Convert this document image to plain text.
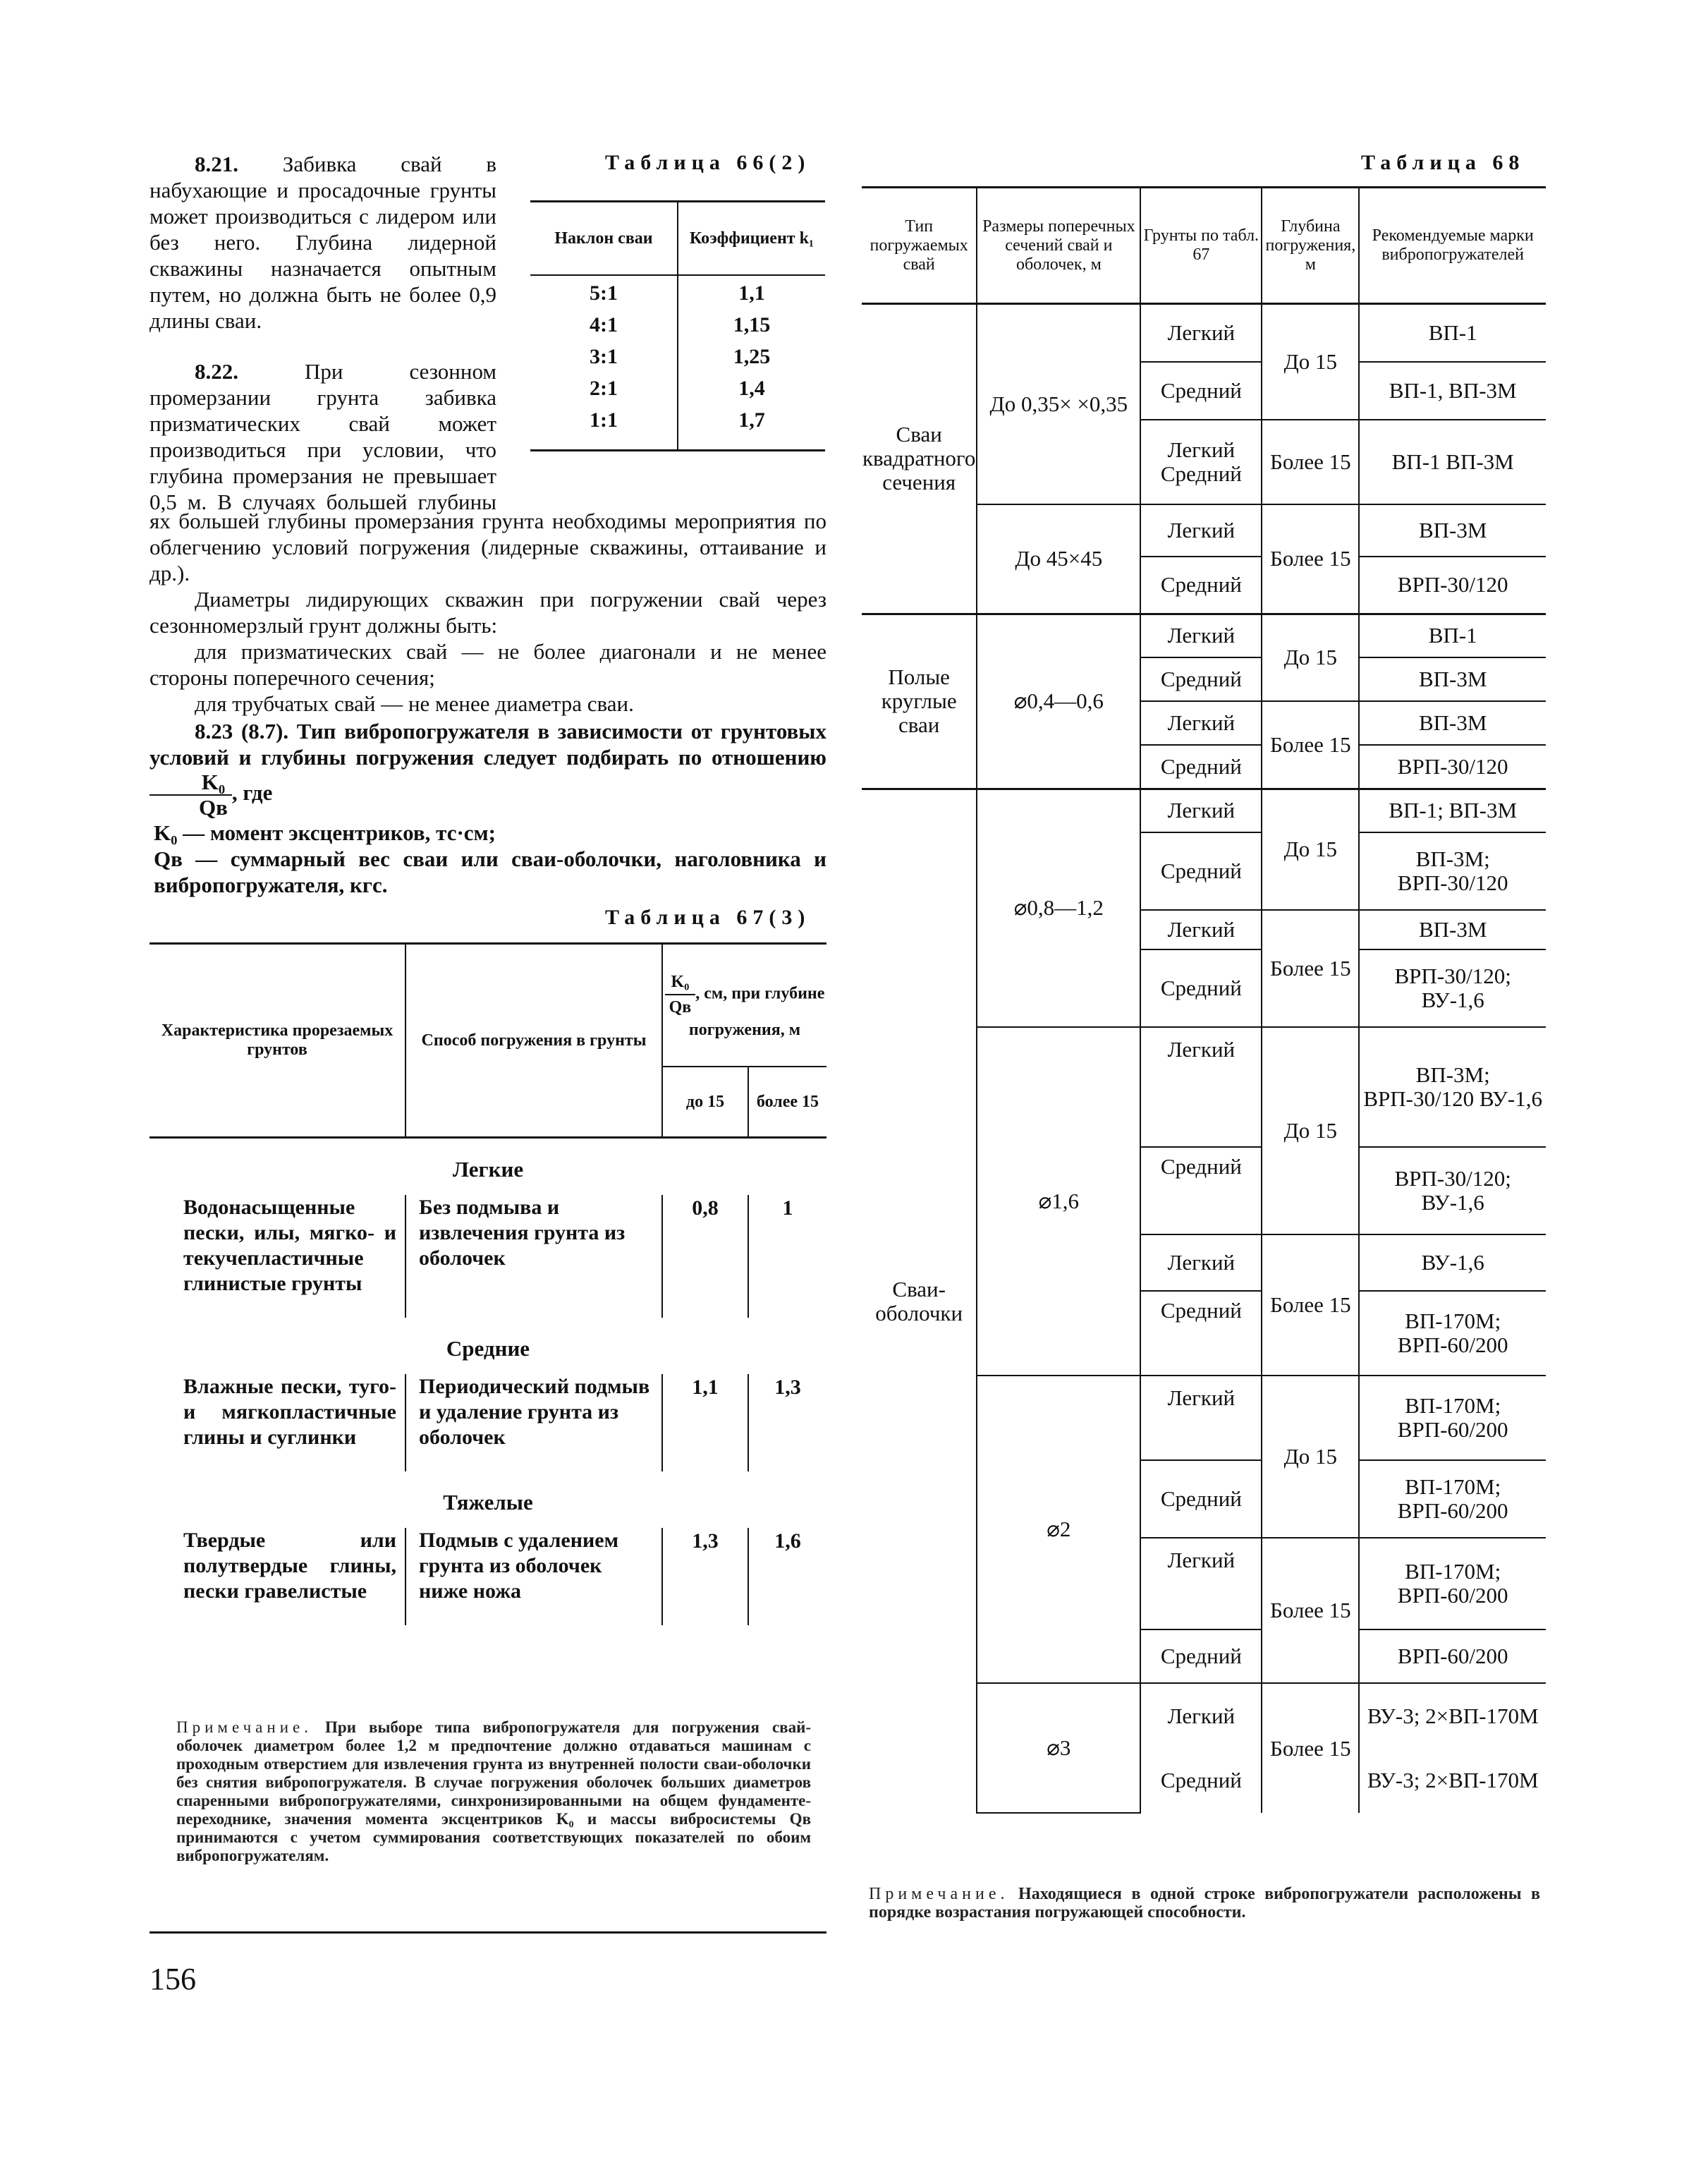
8.21. Забивка свай в набухающие и просадочные грунты может производиться с лидером или без него. Глубина лидерной скважины назначается опытным путем, но должна быть не более 0,9 длины сваи.

8.22.	При сезонном промерзании грунта забивка призматических свай может производиться при условии, что глубина промерзания не превышает 0,5 м. В случаях большей глубины

ях большей глубины промерзания грунта необходимы мероприятия по облегчению условий погружения (лидерные скважины, оттаивание и др.).

Диаметры лидирующих скважин при погружении свай через сезонномерзлый грунт должны быть:

для призматических свай — не более диагонали и не менее стороны поперечного сечения;

для трубчатых свай — не менее диаметра сваи.

8.23 (8.7). Тип вибропогружателя в зависимости от грунтовых условий и глубины погружения следует подбирать по отношению
$\frac{\text{K₀}}{Qв}$ , где

K₀ — момент эксцентриков, тс·см;

Qв — суммарный вес сваи или сваи-оболочки, наголовника и вибропогружателя, кгс.

Таблица 66(2)
Наклон сваи	Коэффициент k₁
5:1	1,1
4:1	1,15
3:1	1,25
2:1	1,4
1:1	1,7
Таблица 67(3)
Характеристика прорезаемых грунтов	Способ погружения в грунты	$\frac{\text{K₀}}{Qв}$ , см, при глубине погружения, м	
		до 15	более 15
Легкие			
Водонасыщенные пески, илы, мягко- и текучепластичные глинистые грунты	Без подмыва и извлечения грунта из оболочек	0,8	1
Средние			
Влажные пески, туго- и мягкопластичные глины и суглинки	Периодический подмыв и удаление грунта из оболочек	1,1	1,3
Тяжелые			
Твердые или полутвердые глины, пески гравелистые	Подмыв с удалением грунта из оболочек ниже ножа	1,3	1,6
Примечание. При выборе типа вибропогружателя для погружения свай-оболочек диаметром более 1,2 м предпочтение должно отдаваться машинам с проходным отверстием для извлечения грунта из внутренней полости сваи-оболочки без снятия вибропогружателя. В случае погружения оболочек больших диаметров спаренными вибропогружателями, синхронизированными на общем фундаменте-переходнике, значения момента эксцентриков K₀ и массы вибросистемы Qв принимаются с учетом суммирования соответствующих показателей по обоим вибропогружателям.
Таблица 68
Тип погружаемых свай	Размеры поперечных сечений свай и оболочек, м	Грунты по табл. 67	Глубина погружения, м	Рекомендуемые марки вибропогружателей
Сваи квадратного сечения	До 0,35× ×0,35	Легкий	До 15	ВП-1
		Средний		ВП-1, ВП-3М
		Легкий Средний	Более 15	ВП-1 ВП-3М
	До 45×45	Легкий	Более 15	ВП-3М
		Средний		ВРП-30/120

Полые круглые сваи	⌀0,4—0,6	Легкий	До 15	ВП-1
		Средний		ВП-3М
		Легкий	Более 15	ВП-3М
		Средний		ВРП-30/120
Сваи-оболочки	⌀0,8—1,2	Легкий	До 15	ВП-1; ВП-3М
		Средний		ВП-3М; ВРП-30/120
		Легкий	Более 15	ВП-3М
		Средний		ВРП-30/120; ВУ-1,6
	⌀1,6	Легкий	До 15	ВП-3М; ВРП-30/120 ВУ-1,6
		Средний		ВРП-30/120; ВУ-1,6
		Легкий	Более 15	ВУ-1,6
		Средний		ВП-170М; ВРП-60/200
	⌀2	Легкий	До 15	ВП-170М; ВРП-60/200
		Средний		ВП-170М; ВРП-60/200
		Легкий	Более 15	ВП-170М; ВРП-60/200
		Средний		ВРП-60/200
	⌀3	Легкий	Более 15	ВУ-3; 2×ВП-170М
		Средний		ВУ-3; 2×ВП-170М
Примечание. Находящиеся в одной строке вибропогружатели расположены в порядке возрастания погружающей способности.
156
